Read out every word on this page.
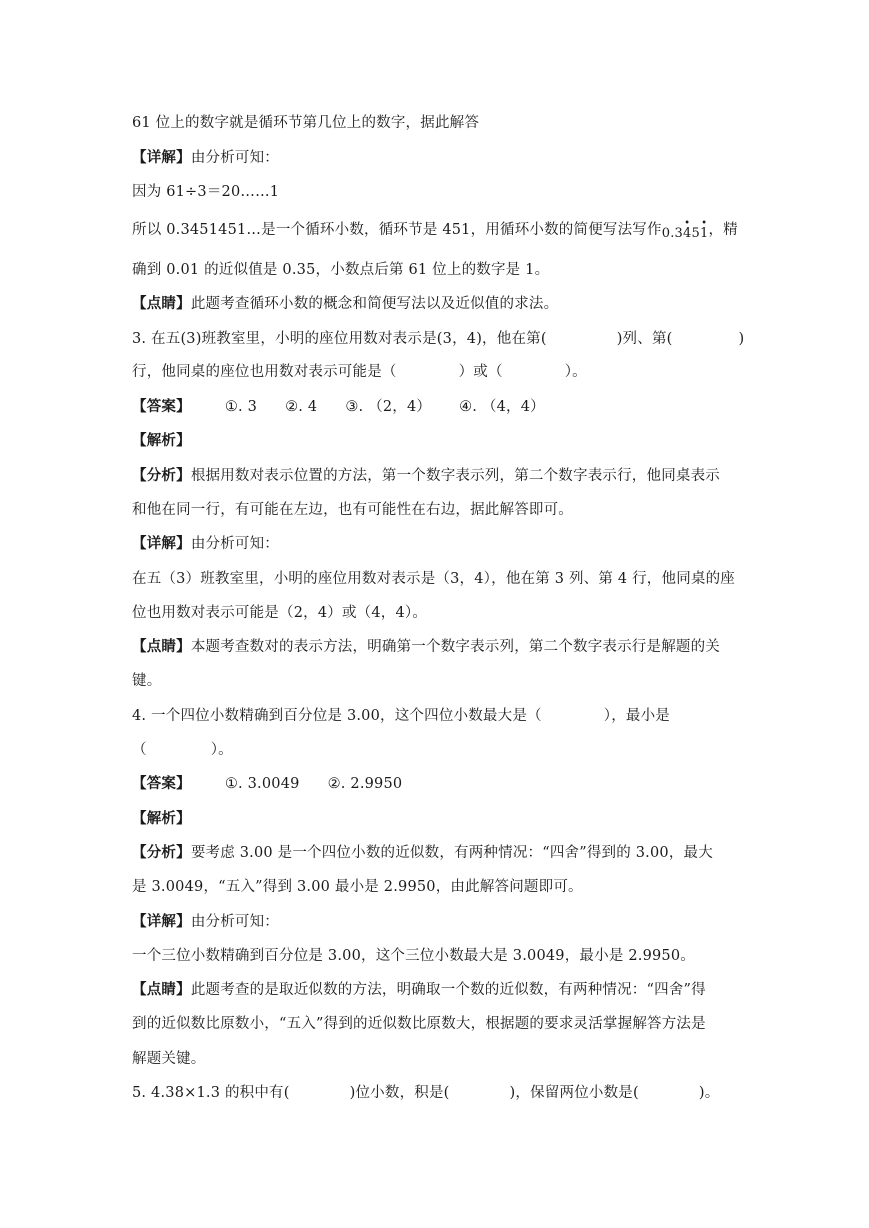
61 位上的数字就是循环节第几位上的数字，据此解答
【详解】由分析可知：
因为 61÷3＝20……1
所以 0.3451451…是一个循环小数，循环节是 451，用循环小数的简便写法写作0.3• 45• 1，精
确到 0.01 的近似值是 0.35，小数点后第 61 位上的数字是 1。
【点睛】此题考查循环小数的概念和简便写法以及近似值的求法。
3. 在五(3)班教室里，小明的座位用数对表示是(3，4)，他在第(	)列、第(	)
行，他同桌的座位也用数对表示可能是（	）或（	）。
【答案】 ①. 3 ②. 4 ③. （2，4） ④. （4，4）
【解析】
【分析】根据用数对表示位置的方法，第一个数字表示列，第二个数字表示行，他同桌表示
和他在同一行，有可能在左边，也有可能性在右边，据此解答即可。
【详解】由分析可知：
在五（3）班教室里，小明的座位用数对表示是（3，4），他在第 3 列、第 4 行，他同桌的座
位也用数对表示可能是（2，4）或（4，4）。
【点睛】本题考查数对的表示方法，明确第一个数字表示列，第二个数字表示行是解题的关
键。
4. 一个四位小数精确到百分位是 3.00，这个四位小数最大是（	），最小是
（	）。
【答案】 ①. 3.0049 ②. 2.9950
【解析】
【分析】要考虑 3.00 是一个四位小数的近似数，有两种情况：“四舍”得到的 3.00，最大
是 3.0049，“五入”得到 3.00 最小是 2.9950，由此解答问题即可。
【详解】由分析可知：
一个三位小数精确到百分位是 3.00，这个三位小数最大是 3.0049，最小是 2.9950。
【点睛】此题考查的是取近似数的方法，明确取一个数的近似数，有两种情况：“四舍”得
到的近似数比原数小，“五入”得到的近似数比原数大，根据题的要求灵活掌握解答方法是
解题关键。
5. 4.38×1.3 的积中有(	)位小数，积是(	)，保留两位小数是(	)。
